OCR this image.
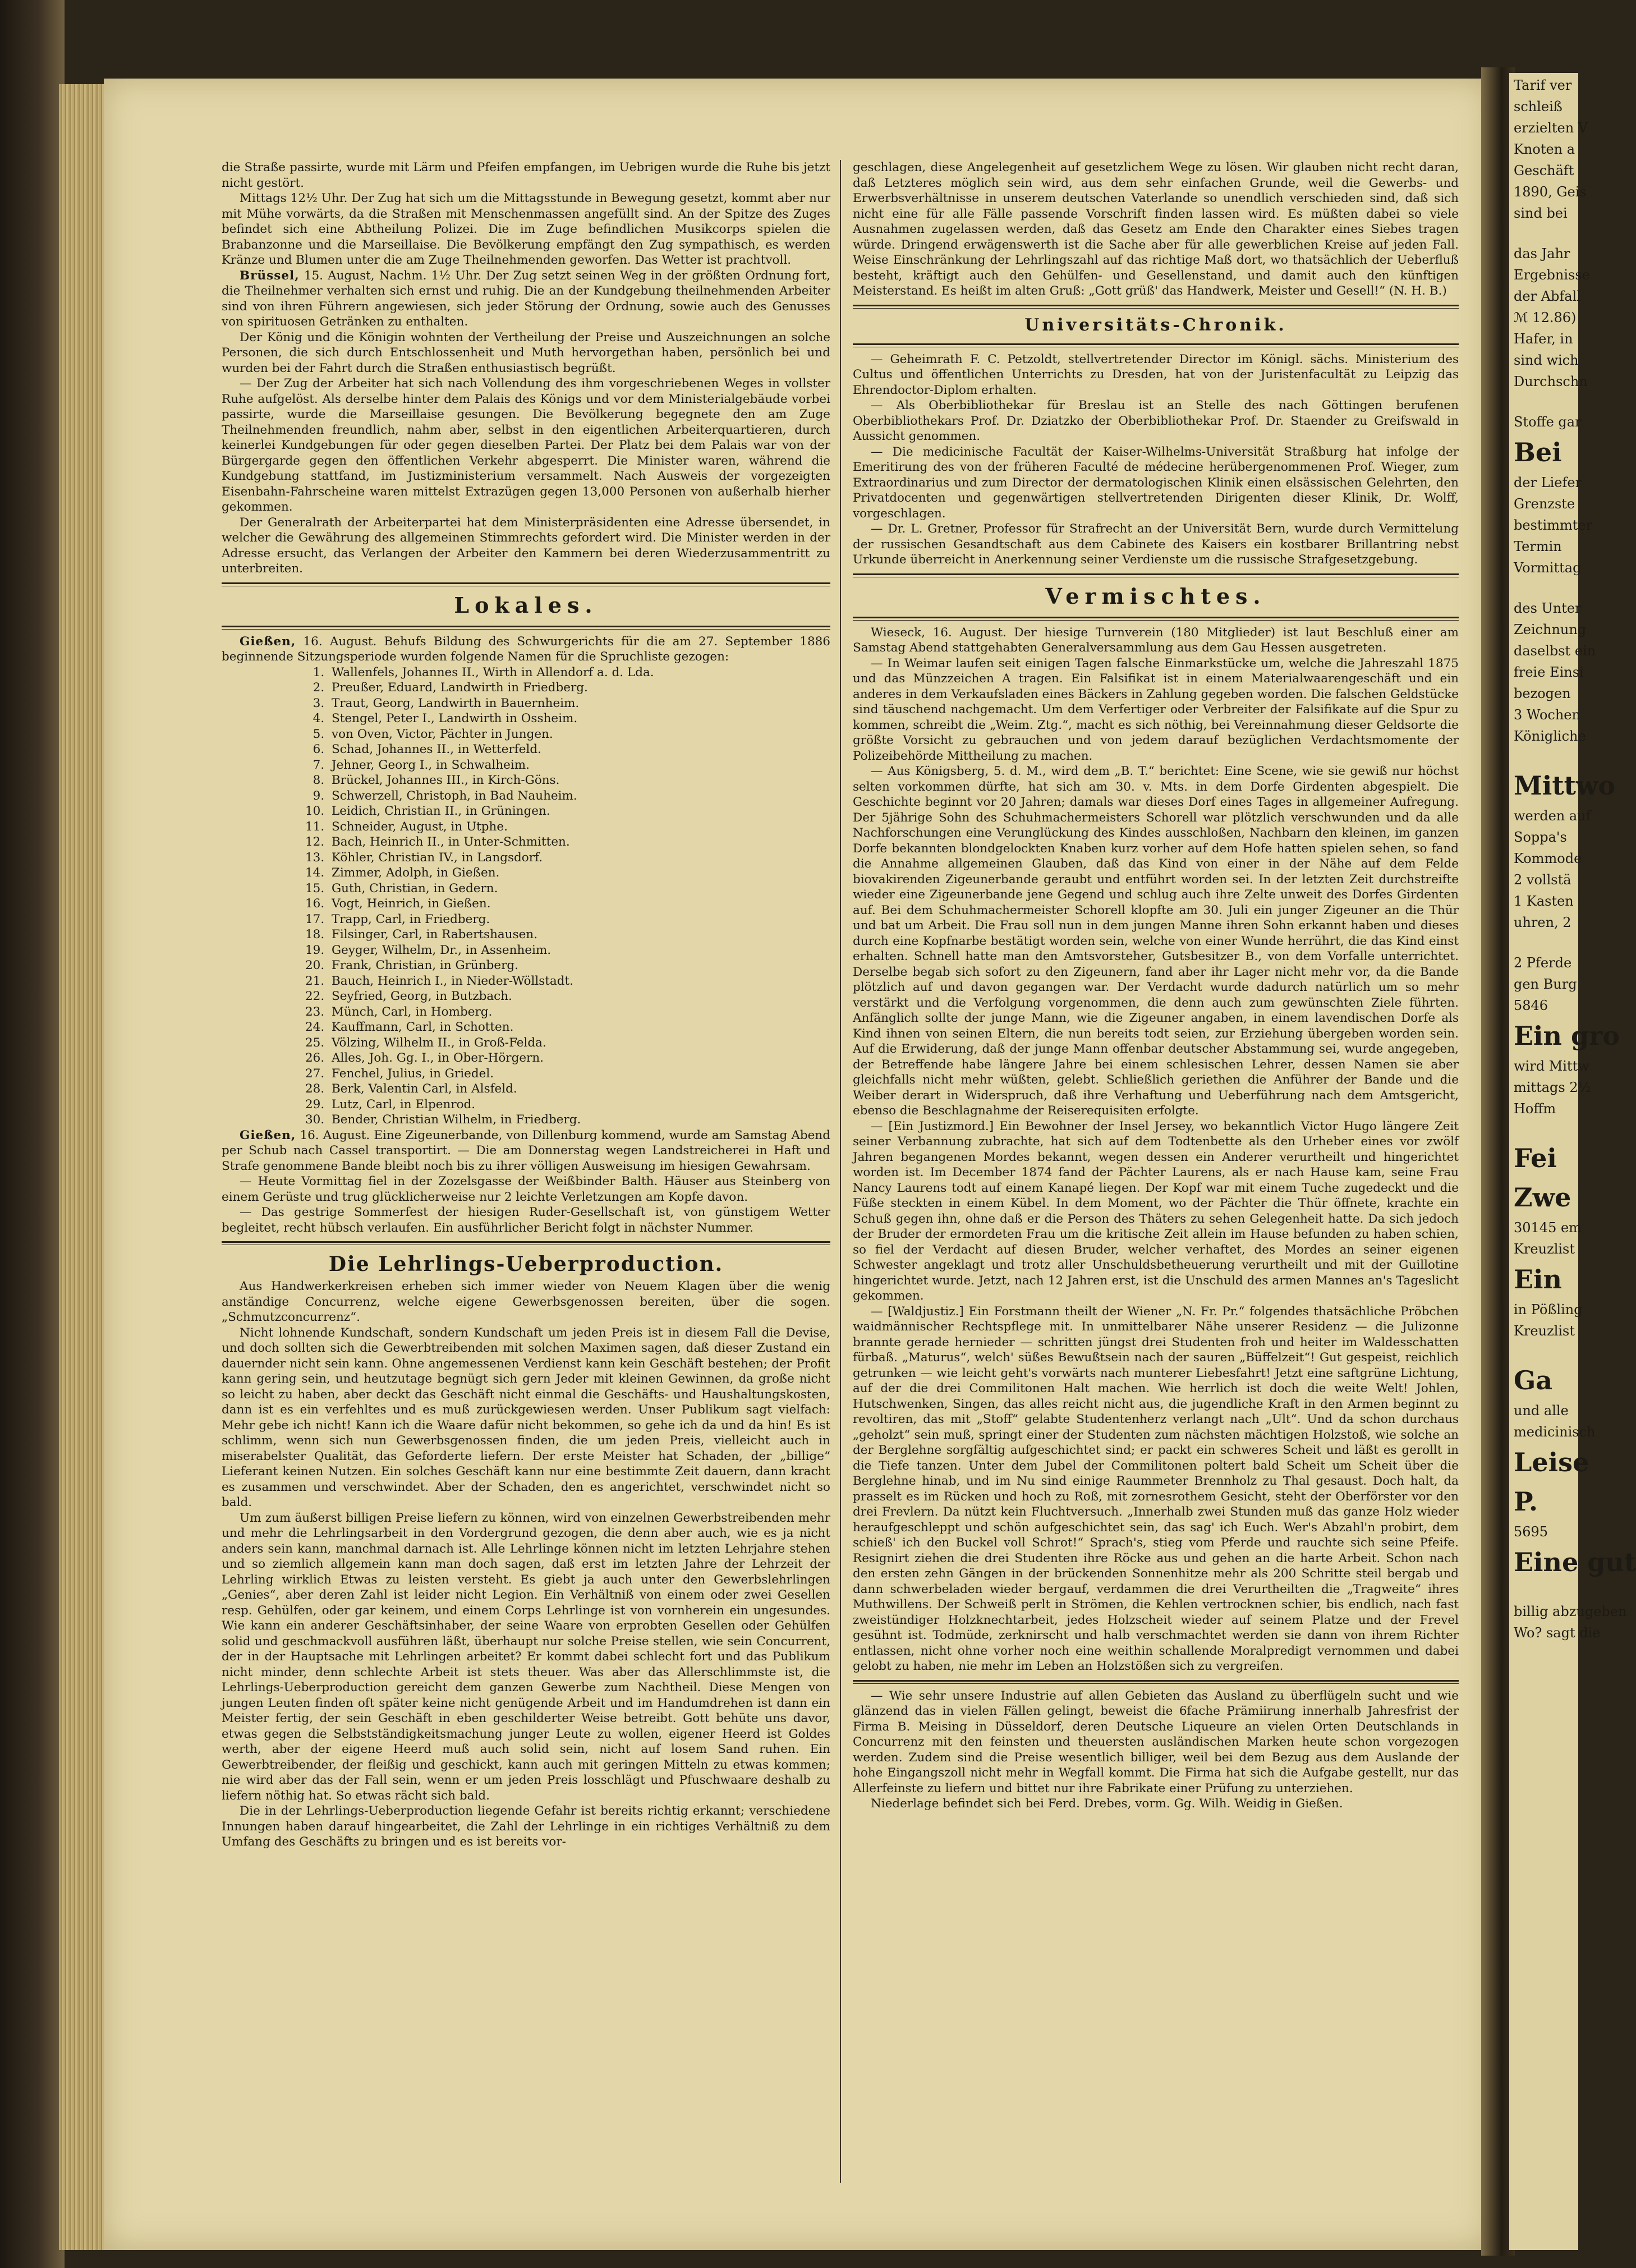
die Straße passirte, wurde mit Lärm und Pfeifen empfangen, im Uebrigen wurde die Ruhe bis jetzt nicht gestört.

Mittags 12½ Uhr. Der Zug hat sich um die Mittagsstunde in Bewegung gesetzt, kommt aber nur mit Mühe vorwärts, da die Straßen mit Menschenmassen angefüllt sind. An der Spitze des Zuges befindet sich eine Abtheilung Polizei. Die im Zuge befindlichen Musikcorps spielen die Brabanzonne und die Marseillaise. Die Bevölkerung empfängt den Zug sympathisch, es werden Kränze und Blumen unter die am Zuge Theilnehmenden geworfen. Das Wetter ist prachtvoll.

Brüssel, 15. August, Nachm. 1½ Uhr. Der Zug setzt seinen Weg in der größten Ordnung fort, die Theilnehmer verhalten sich ernst und ruhig. Die an der Kundgebung theilnehmenden Arbeiter sind von ihren Führern angewiesen, sich jeder Störung der Ordnung, sowie auch des Genusses von spirituosen Getränken zu enthalten.

Der König und die Königin wohnten der Vertheilung der Preise und Auszeichnungen an solche Personen, die sich durch Entschlossenheit und Muth hervorgethan haben, persönlich bei und wurden bei der Fahrt durch die Straßen enthusiastisch begrüßt.

— Der Zug der Arbeiter hat sich nach Vollendung des ihm vorgeschriebenen Weges in vollster Ruhe aufgelöst. Als derselbe hinter dem Palais des Königs und vor dem Ministerialgebäude vorbei passirte, wurde die Marseillaise gesungen. Die Bevölkerung begegnete den am Zuge Theilnehmenden freundlich, nahm aber, selbst in den eigentlichen Arbeiterquartieren, durch keinerlei Kundgebungen für oder gegen dieselben Partei. Der Platz bei dem Palais war von der Bürgergarde gegen den öffentlichen Verkehr abgesperrt. Die Minister waren, während die Kundgebung stattfand, im Justizministerium versammelt. Nach Ausweis der vorgezeigten Eisenbahn-Fahrscheine waren mittelst Extrazügen gegen 13,000 Personen von außerhalb hierher gekommen.

Der Generalrath der Arbeiterpartei hat dem Ministerpräsidenten eine Adresse übersendet, in welcher die Gewährung des allgemeinen Stimmrechts gefordert wird. Die Minister werden in der Adresse ersucht, das Verlangen der Arbeiter den Kammern bei deren Wiederzusammentritt zu unterbreiten.

Lokales.

Gießen, 16. August. Behufs Bildung des Schwurgerichts für die am 27. September 1886 beginnende Sitzungsperiode wurden folgende Namen für die Spruchliste gezogen:

1. Wallenfels, Johannes II., Wirth in Allendorf a. d. Lda.
2. Preußer, Eduard, Landwirth in Friedberg.
3. Traut, Georg, Landwirth in Bauernheim.
4. Stengel, Peter I., Landwirth in Ossheim.
5. von Oven, Victor, Pächter in Jungen.
6. Schad, Johannes II., in Wetterfeld.
7. Jehner, Georg I., in Schwalheim.
8. Brückel, Johannes III., in Kirch-Göns.
9. Schwerzell, Christoph, in Bad Nauheim.
10. Leidich, Christian II., in Grüningen.
11. Schneider, August, in Utphe.
12. Bach, Heinrich II., in Unter-Schmitten.
13. Köhler, Christian IV., in Langsdorf.
14. Zimmer, Adolph, in Gießen.
15. Guth, Christian, in Gedern.
16. Vogt, Heinrich, in Gießen.
17. Trapp, Carl, in Friedberg.
18. Filsinger, Carl, in Rabertshausen.
19. Geyger, Wilhelm, Dr., in Assenheim.
20. Frank, Christian, in Grünberg.
21. Bauch, Heinrich I., in Nieder-Wöllstadt.
22. Seyfried, Georg, in Butzbach.
23. Münch, Carl, in Homberg.
24. Kauffmann, Carl, in Schotten.
25. Völzing, Wilhelm II., in Groß-Felda.
26. Alles, Joh. Gg. I., in Ober-Hörgern.
27. Fenchel, Julius, in Griedel.
28. Berk, Valentin Carl, in Alsfeld.
29. Lutz, Carl, in Elpenrod.
30. Bender, Christian Wilhelm, in Friedberg.

Gießen, 16. August. Eine Zigeunerbande, von Dillenburg kommend, wurde am Samstag Abend per Schub nach Cassel transportirt. — Die am Donnerstag wegen Landstreicherei in Haft und Strafe genommene Bande bleibt noch bis zu ihrer völligen Ausweisung im hiesigen Gewahrsam.

— Heute Vormittag fiel in der Zozelsgasse der Weißbinder Balth. Häuser aus Steinberg von einem Gerüste und trug glücklicherweise nur 2 leichte Verletzungen am Kopfe davon.

— Das gestrige Sommerfest der hiesigen Ruder-Gesellschaft ist, von günstigem Wetter begleitet, recht hübsch verlaufen. Ein ausführlicher Bericht folgt in nächster Nummer.

Die Lehrlings-Ueberproduction.

Aus Handwerkerkreisen erheben sich immer wieder von Neuem Klagen über die wenig anständige Concurrenz, welche eigene Gewerbsgenossen bereiten, über die sogen. „Schmutzconcurrenz“.

Nicht lohnende Kundschaft, sondern Kundschaft um jeden Preis ist in diesem Fall die Devise, und doch sollten sich die Gewerbtreibenden mit solchen Maximen sagen, daß dieser Zustand ein dauernder nicht sein kann. Ohne angemessenen Verdienst kann kein Geschäft bestehen; der Profit kann gering sein, und heutzutage begnügt sich gern Jeder mit kleinen Gewinnen, da große nicht so leicht zu haben, aber deckt das Geschäft nicht einmal die Geschäfts- und Haushaltungskosten, dann ist es ein verfehltes und es muß zurückgewiesen werden. Unser Publikum sagt vielfach: Mehr gebe ich nicht! Kann ich die Waare dafür nicht bekommen, so gehe ich da und da hin! Es ist schlimm, wenn sich nun Gewerbsgenossen finden, die um jeden Preis, vielleicht auch in miserabelster Qualität, das Geforderte liefern. Der erste Meister hat Schaden, der „billige“ Lieferant keinen Nutzen. Ein solches Geschäft kann nur eine bestimmte Zeit dauern, dann kracht es zusammen und verschwindet. Aber der Schaden, den es angerichtet, verschwindet nicht so bald.

Um zum äußerst billigen Preise liefern zu können, wird von einzelnen Gewerbstreibenden mehr und mehr die Lehrlingsarbeit in den Vordergrund gezogen, die denn aber auch, wie es ja nicht anders sein kann, manchmal darnach ist. Alle Lehrlinge können nicht im letzten Lehrjahre stehen und so ziemlich allgemein kann man doch sagen, daß erst im letzten Jahre der Lehrzeit der Lehrling wirklich Etwas zu leisten versteht. Es giebt ja auch unter den Gewerbslehrlingen „Genies“, aber deren Zahl ist leider nicht Legion. Ein Verhältniß von einem oder zwei Gesellen resp. Gehülfen, oder gar keinem, und einem Corps Lehrlinge ist von vornherein ein ungesundes. Wie kann ein anderer Geschäftsinhaber, der seine Waare von erprobten Gesellen oder Gehülfen solid und geschmackvoll ausführen läßt, überhaupt nur solche Preise stellen, wie sein Concurrent, der in der Hauptsache mit Lehrlingen arbeitet? Er kommt dabei schlecht fort und das Publikum nicht minder, denn schlechte Arbeit ist stets theuer. Was aber das Allerschlimmste ist, die Lehrlings-Ueberproduction gereicht dem ganzen Gewerbe zum Nachtheil. Diese Mengen von jungen Leuten finden oft später keine nicht genügende Arbeit und im Handumdrehen ist dann ein Meister fertig, der sein Geschäft in eben geschilderter Weise betreibt. Gott behüte uns davor, etwas gegen die Selbstständigkeitsmachung junger Leute zu wollen, eigener Heerd ist Goldes werth, aber der eigene Heerd muß auch solid sein, nicht auf losem Sand ruhen. Ein Gewerbtreibender, der fleißig und geschickt, kann auch mit geringen Mitteln zu etwas kommen; nie wird aber das der Fall sein, wenn er um jeden Preis losschlägt und Pfuschwaare deshalb zu liefern nöthig hat. So etwas rächt sich bald.

Die in der Lehrlings-Ueberproduction liegende Gefahr ist bereits richtig erkannt; verschiedene Innungen haben darauf hingearbeitet, die Zahl der Lehrlinge in ein richtiges Verhältniß zu dem Umfang des Geschäfts zu bringen und es ist bereits vor-

geschlagen, diese Angelegenheit auf gesetzlichem Wege zu lösen. Wir glauben nicht recht daran, daß Letzteres möglich sein wird, aus dem sehr einfachen Grunde, weil die Gewerbs- und Erwerbsverhältnisse in unserem deutschen Vaterlande so unendlich verschieden sind, daß sich nicht eine für alle Fälle passende Vorschrift finden lassen wird. Es müßten dabei so viele Ausnahmen zugelassen werden, daß das Gesetz am Ende den Charakter eines Siebes tragen würde. Dringend erwägenswerth ist die Sache aber für alle gewerblichen Kreise auf jeden Fall. Weise Einschränkung der Lehrlingszahl auf das richtige Maß dort, wo thatsächlich der Ueberfluß besteht, kräftigt auch den Gehülfen- und Gesellenstand, und damit auch den künftigen Meisterstand. Es heißt im alten Gruß: „Gott grüß' das Handwerk, Meister und Gesell!“ (N. H. B.)

Universitäts-Chronik.

— Geheimrath F. C. Petzoldt, stellvertretender Director im Königl. sächs. Ministerium des Cultus und öffentlichen Unterrichts zu Dresden, hat von der Juristenfacultät zu Leipzig das Ehrendoctor-Diplom erhalten.

— Als Oberbibliothekar für Breslau ist an Stelle des nach Göttingen berufenen Oberbibliothekars Prof. Dr. Dziatzko der Oberbibliothekar Prof. Dr. Staender zu Greifswald in Aussicht genommen.

— Die medicinische Facultät der Kaiser-Wilhelms-Universität Straßburg hat infolge der Emeritirung des von der früheren Faculté de médecine herübergenommenen Prof. Wieger, zum Extraordinarius und zum Director der dermatologischen Klinik einen elsässischen Gelehrten, den Privatdocenten und gegenwärtigen stellvertretenden Dirigenten dieser Klinik, Dr. Wolff, vorgeschlagen.

— Dr. L. Gretner, Professor für Strafrecht an der Universität Bern, wurde durch Vermittelung der russischen Gesandtschaft aus dem Cabinete des Kaisers ein kostbarer Brillantring nebst Urkunde überreicht in Anerkennung seiner Verdienste um die russische Strafgesetzgebung.

Vermischtes.

Wieseck, 16. August. Der hiesige Turnverein (180 Mitglieder) ist laut Beschluß einer am Samstag Abend stattgehabten Generalversammlung aus dem Gau Hessen ausgetreten.

— In Weimar laufen seit einigen Tagen falsche Einmarkstücke um, welche die Jahreszahl 1875 und das Münzzeichen A tragen. Ein Falsifikat ist in einem Materialwaarengeschäft und ein anderes in dem Verkaufsladen eines Bäckers in Zahlung gegeben worden. Die falschen Geldstücke sind täuschend nachgemacht. Um dem Verfertiger oder Verbreiter der Falsifikate auf die Spur zu kommen, schreibt die „Weim. Ztg.“, macht es sich nöthig, bei Vereinnahmung dieser Geldsorte die größte Vorsicht zu gebrauchen und von jedem darauf bezüglichen Verdachtsmomente der Polizeibehörde Mittheilung zu machen.

— Aus Königsberg, 5. d. M., wird dem „B. T.“ berichtet: Eine Scene, wie sie gewiß nur höchst selten vorkommen dürfte, hat sich am 30. v. Mts. in dem Dorfe Girdenten abgespielt. Die Geschichte beginnt vor 20 Jahren; damals war dieses Dorf eines Tages in allgemeiner Aufregung. Der 5jährige Sohn des Schuhmachermeisters Schorell war plötzlich verschwunden und da alle Nachforschungen eine Verunglückung des Kindes ausschloßen, Nachbarn den kleinen, im ganzen Dorfe bekannten blondgelockten Knaben kurz vorher auf dem Hofe hatten spielen sehen, so fand die Annahme allgemeinen Glauben, daß das Kind von einer in der Nähe auf dem Felde biovakirenden Zigeunerbande geraubt und entführt worden sei. In der letzten Zeit durchstreifte wieder eine Zigeunerbande jene Gegend und schlug auch ihre Zelte unweit des Dorfes Girdenten auf. Bei dem Schuhmachermeister Schorell klopfte am 30. Juli ein junger Zigeuner an die Thür und bat um Arbeit. Die Frau soll nun in dem jungen Manne ihren Sohn erkannt haben und dieses durch eine Kopfnarbe bestätigt worden sein, welche von einer Wunde herrührt, die das Kind einst erhalten. Schnell hatte man den Amtsvorsteher, Gutsbesitzer B., von dem Vorfalle unterrichtet. Derselbe begab sich sofort zu den Zigeunern, fand aber ihr Lager nicht mehr vor, da die Bande plötzlich auf und davon gegangen war. Der Verdacht wurde dadurch natürlich um so mehr verstärkt und die Verfolgung vorgenommen, die denn auch zum gewünschten Ziele führten. Anfänglich sollte der junge Mann, wie die Zigeuner angaben, in einem lavendischen Dorfe als Kind ihnen von seinen Eltern, die nun bereits todt seien, zur Erziehung übergeben worden sein. Auf die Erwiderung, daß der junge Mann offenbar deutscher Abstammung sei, wurde angegeben, der Betreffende habe längere Jahre bei einem schlesischen Lehrer, dessen Namen sie aber gleichfalls nicht mehr wüßten, gelebt. Schließlich geriethen die Anführer der Bande und die Weiber derart in Widerspruch, daß ihre Verhaftung und Ueberführung nach dem Amtsgericht, ebenso die Beschlagnahme der Reiserequisiten erfolgte.

— [Ein Justizmord.] Ein Bewohner der Insel Jersey, wo bekanntlich Victor Hugo längere Zeit seiner Verbannung zubrachte, hat sich auf dem Todtenbette als den Urheber eines vor zwölf Jahren begangenen Mordes bekannt, wegen dessen ein Anderer verurtheilt und hingerichtet worden ist. Im December 1874 fand der Pächter Laurens, als er nach Hause kam, seine Frau Nancy Laurens todt auf einem Kanapé liegen. Der Kopf war mit einem Tuche zugedeckt und die Füße steckten in einem Kübel. In dem Moment, wo der Pächter die Thür öffnete, krachte ein Schuß gegen ihn, ohne daß er die Person des Thäters zu sehen Gelegenheit hatte. Da sich jedoch der Bruder der ermordeten Frau um die kritische Zeit allein im Hause befunden zu haben schien, so fiel der Verdacht auf diesen Bruder, welcher verhaftet, des Mordes an seiner eigenen Schwester angeklagt und trotz aller Unschuldsbetheuerung verurtheilt und mit der Guillotine hingerichtet wurde. Jetzt, nach 12 Jahren erst, ist die Unschuld des armen Mannes an's Tageslicht gekommen.

— [Waldjustiz.] Ein Forstmann theilt der Wiener „N. Fr. Pr.“ folgendes thatsächliche Pröbchen waidmännischer Rechtspflege mit. In unmittelbarer Nähe unserer Residenz — die Julizonne brannte gerade hernieder — schritten jüngst drei Studenten froh und heiter im Waldesschatten fürbaß. „Maturus“, welch' süßes Bewußtsein nach der sauren „Büffelzeit“! Gut gespeist, reichlich getrunken — wie leicht geht's vorwärts nach munterer Liebesfahrt! Jetzt eine saftgrüne Lichtung, auf der die drei Commilitonen Halt machen. Wie herrlich ist doch die weite Welt! Johlen, Hutschwenken, Singen, das alles reicht nicht aus, die jugendliche Kraft in den Armen beginnt zu revoltiren, das mit „Stoff“ gelabte Studentenherz verlangt nach „Ult“. Und da schon durchaus „geholzt“ sein muß, springt einer der Studenten zum nächsten mächtigen Holzstoß, wie solche an der Berglehne sorgfältig aufgeschichtet sind; er packt ein schweres Scheit und läßt es gerollt in die Tiefe tanzen. Unter dem Jubel der Commilitonen poltert bald Scheit um Scheit über die Berglehne hinab, und im Nu sind einige Raummeter Brennholz zu Thal gesaust. Doch halt, da prasselt es im Rücken und hoch zu Roß, mit zornesrothem Gesicht, steht der Oberförster vor den drei Frevlern. Da nützt kein Fluchtversuch. „Innerhalb zwei Stunden muß das ganze Holz wieder heraufgeschleppt und schön aufgeschichtet sein, das sag' ich Euch. Wer's Abzahl'n probirt, dem schieß' ich den Buckel voll Schrot!“ Sprach's, stieg vom Pferde und rauchte sich seine Pfeife. Resignirt ziehen die drei Studenten ihre Röcke aus und gehen an die harte Arbeit. Schon nach den ersten zehn Gängen in der brückenden Sonnenhitze mehr als 200 Schritte steil bergab und dann schwerbeladen wieder bergauf, verdammen die drei Verurtheilten die „Tragweite“ ihres Muthwillens. Der Schweiß perlt in Strömen, die Kehlen vertrocknen schier, bis endlich, nach fast zweistündiger Holzknechtarbeit, jedes Holzscheit wieder auf seinem Platze und der Frevel gesühnt ist. Todmüde, zerknirscht und halb verschmachtet werden sie dann von ihrem Richter entlassen, nicht ohne vorher noch eine weithin schallende Moralpredigt vernommen und dabei gelobt zu haben, nie mehr im Leben an Holzstößen sich zu vergreifen.

— Wie sehr unsere Industrie auf allen Gebieten das Ausland zu überflügeln sucht und wie glänzend das in vielen Fällen gelingt, beweist die 6fache Prämiirung innerhalb Jahresfrist der Firma B. Meising in Düsseldorf, deren Deutsche Liqueure an vielen Orten Deutschlands in Concurrenz mit den feinsten und theuersten ausländischen Marken heute schon vorgezogen werden. Zudem sind die Preise wesentlich billiger, weil bei dem Bezug aus dem Auslande der hohe Eingangszoll nicht mehr in Wegfall kommt. Die Firma hat sich die Aufgabe gestellt, nur das Allerfeinste zu liefern und bittet nur ihre Fabrikate einer Prüfung zu unterziehen.

Niederlage befindet sich bei Ferd. Drebes, vorm. Gg. Wilh. Weidig in Gießen.

Tarif ver
schleiß
erzielten V
Knoten a
Geschäft
1890, Geis
sind bei
das Jahr
Ergebnisse
der Abfall
ℳ 12.86)
Hafer, in
sind wich
Durchschn
Stoffe gar
Bei
der Liefer
Grenzste
bestimmter
Termin
Vormittag
des Unter
Zeichnung
daselbst ein
freie Einsi
bezogen
3 Wochen
Königliche
Mittwo
werden auf
Soppa's
Kommode
2 vollstä
1 Kasten
uhren, 2
2 Pferde
gen Burg
5846
Ein gro
wird Mittw
mittags 2½
Hoffm
Fei
Zwe
30145 em
Kreuzlist
Ein
in Pößling
Kreuzlist
Ga
und alle
medicinisch
Leise
P.
5695
Eine gut
billig abzugeben
Wo? sagt die
